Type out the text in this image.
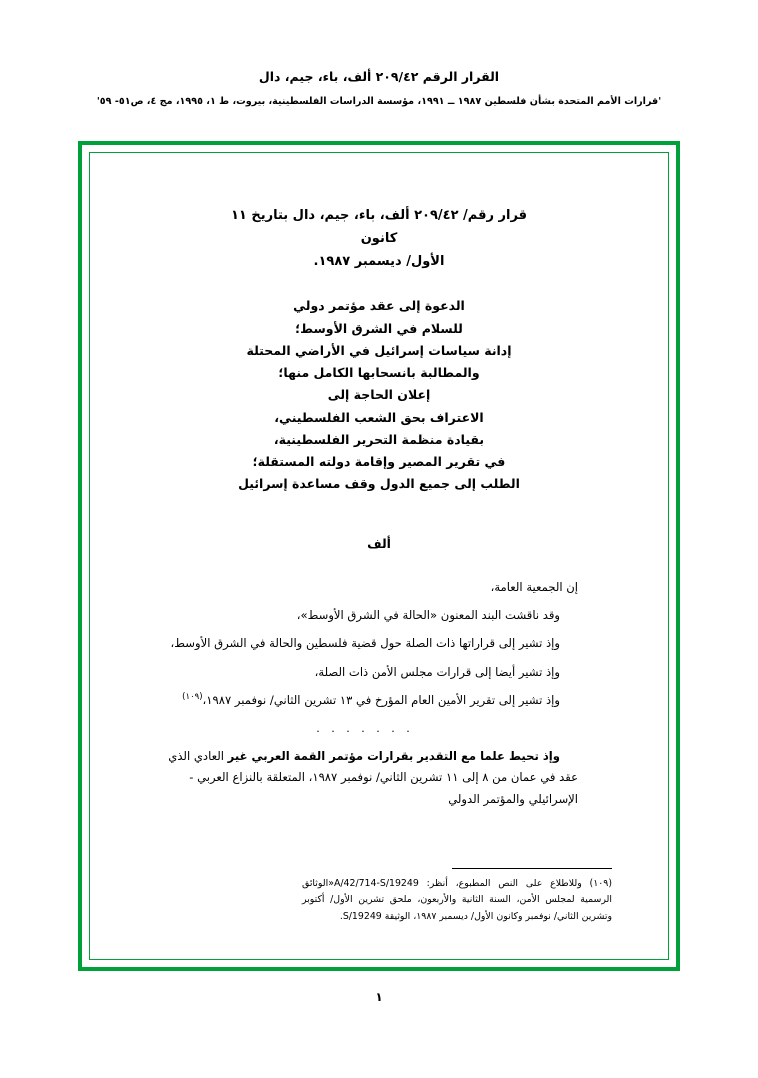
القرار الرقم ٢٠٩/٤٢ ألف، باء، جيم، دال
'قرارات الأمم المتحدة بشأن فلسطين ١٩٨٧ ــ ١٩٩١، مؤسسة الدراسات الفلسطينية، بيروت، ط ١، ١٩٩٥، مج ٤، ص٥١- ٥٩'
قرار رقم/ ٢٠٩/٤٢ ألف، باء، جيم، دال بتاريخ ١١ كانون
الأول/ ديسمبر ١٩٨٧.
الدعوة إلى عقد مؤتمر دولي
للسلام في الشرق الأوسط؛
إدانة سياسات إسرائيل في الأراضي المحتلة
والمطالبة بانسحابها الكامل منها؛
إعلان الحاجة إلى
الاعتراف بحق الشعب الفلسطيني،
بقيادة منظمة التحرير الفلسطينية،
في تقرير المصير وإقامة دولته المستقلة؛
الطلب إلى جميع الدول وقف مساعدة إسرائيل
ألف

إن الجمعية العامة،

وقد ناقشت البند المعنون «الحالة في الشرق الأوسط»،

وإذ تشير إلى قراراتها ذات الصلة حول قضية فلسطين والحالة في الشرق الأوسط،

وإذ تشير أيضا إلى قرارات مجلس الأمن ذات الصلة،

وإذ تشير إلى تقرير الأمين العام المؤرخ في ١٣ تشرين الثاني/ نوفمبر ١٩٨٧،$^{(١٠٩)}$

. . . . . . .

وإذ تحيط علما مع التقدير بقرارات مؤتمر القمة العربي غير العادي الذي عقد في عمان من ٨ إلى ١١ تشرين الثاني/ نوفمبر ١٩٨٧، المتعلقة بالنزاع العربي - الإسرائيلي والمؤتمر الدولي

(١٠٩) وللاطلاع على النص المطبوع، أنظر: A/42/714-S/19249«الوثائق الرسمية لمجلس الأمن، السنة الثانية والأربعون، ملحق تشرين الأول/ أكتوبر وتشرين الثاني/ نوفمبر وكانون الأول/ ديسمبر ١٩٨٧، الوثيقة S/19249.
١
